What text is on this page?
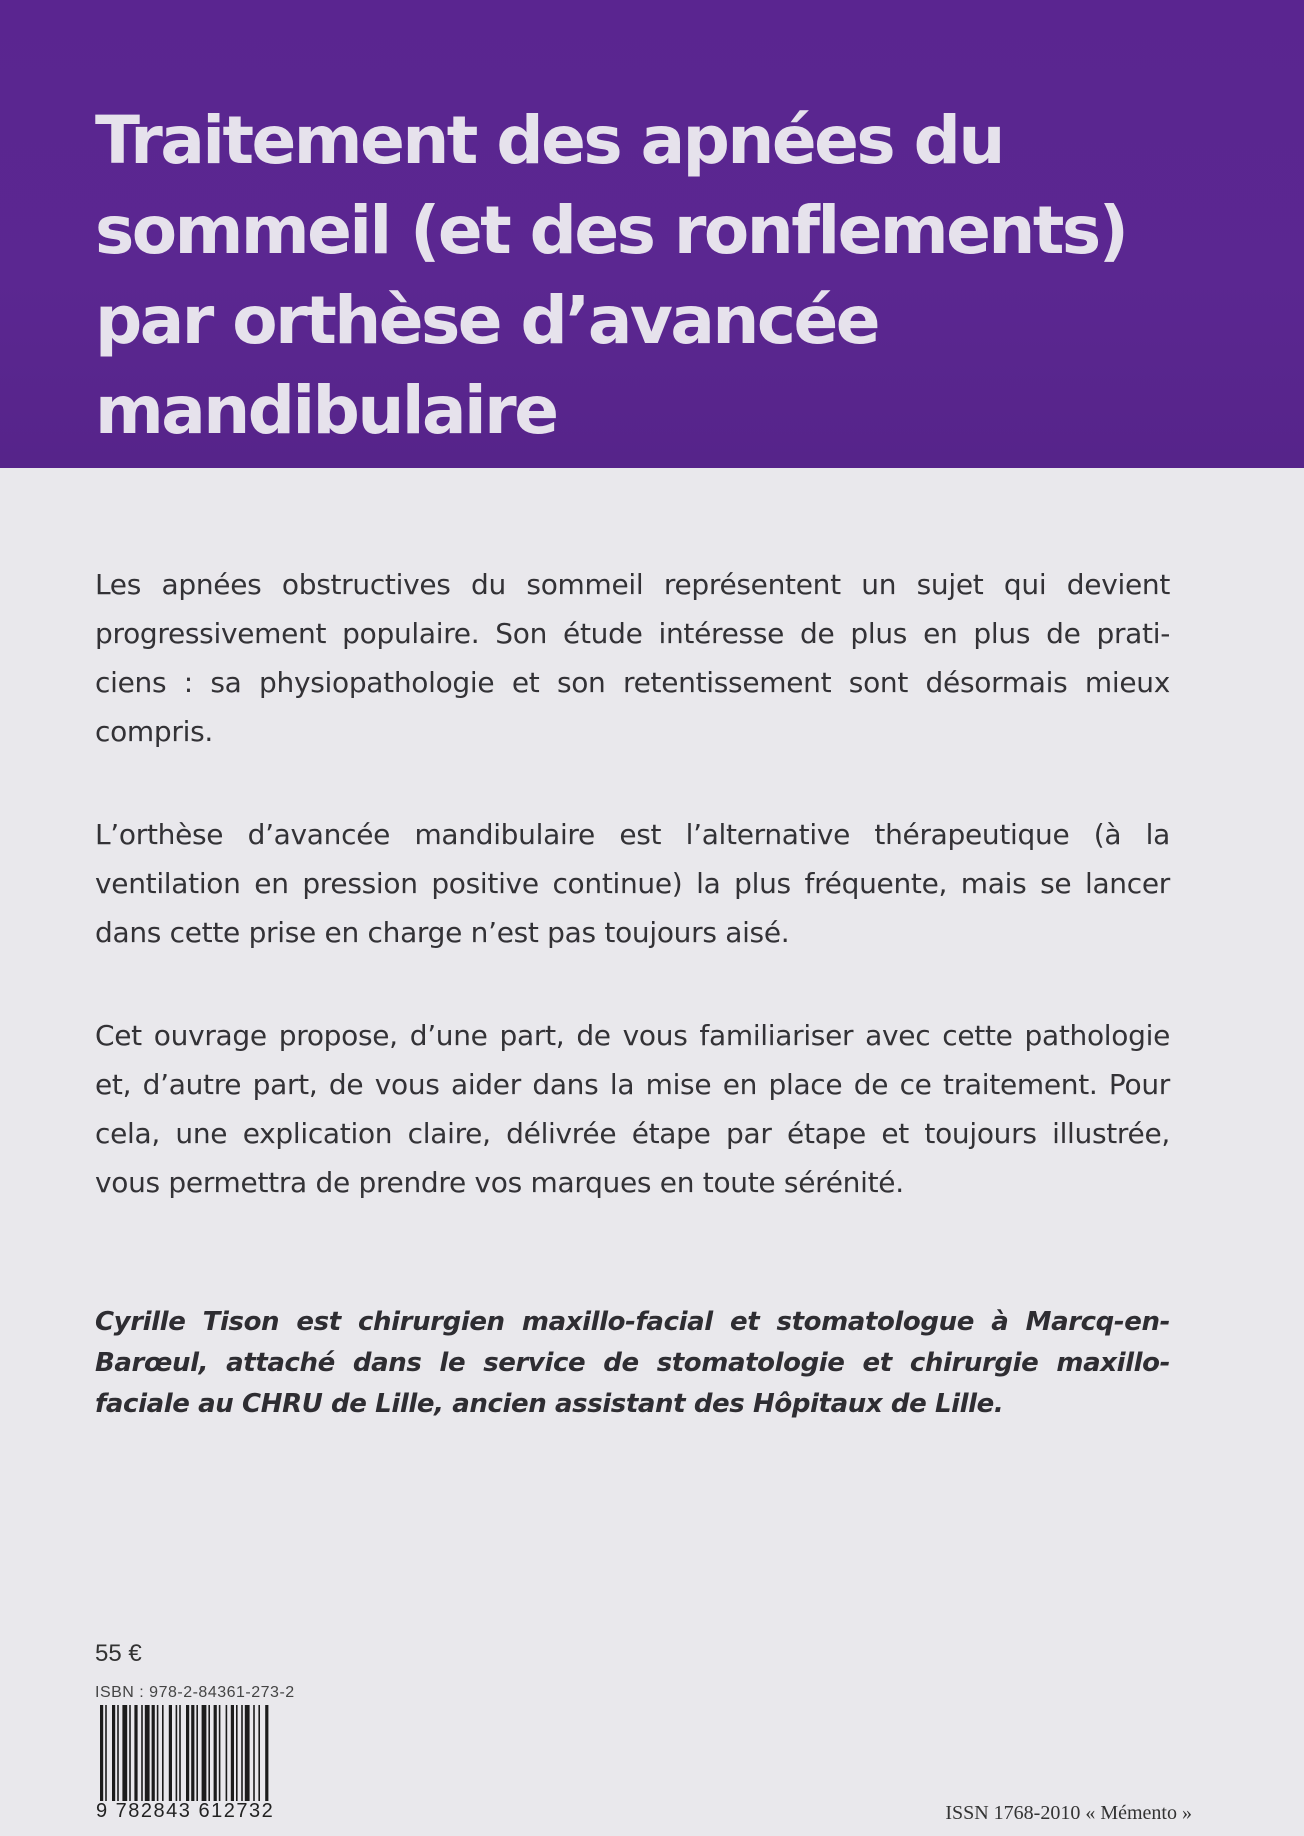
Traitement des apnées du
sommeil (et des ronflements)
par orthèse d’avancée
mandibulaire

Les apnées obstructives du sommeil représentent un sujet qui devient
progressivement populaire. Son étude intéresse de plus en plus de prati-
ciens : sa physiopathologie et son retentissement sont désormais mieux
compris.

L’orthèse d’avancée mandibulaire est l’alternative thérapeutique (à la
ventilation en pression positive continue) la plus fréquente, mais se lancer
dans cette prise en charge n’est pas toujours aisé.

Cet ouvrage propose, d’une part, de vous familiariser avec cette pathologie
et, d’autre part, de vous aider dans la mise en place de ce traitement. Pour
cela, une explication claire, délivrée étape par étape et toujours illustrée,
vous permettra de prendre vos marques en toute sérénité.

Cyrille Tison est chirurgien maxillo-facial et stomatologue à Marcq-en-
Barœul, attaché dans le service de stomatologie et chirurgie maxillo-
faciale au CHRU de Lille, ancien assistant des Hôpitaux de Lille.

55 €
ISBN : 978-2-84361-273-2
9 782843 612732	ISSN 1768-2010 « Mémento »
